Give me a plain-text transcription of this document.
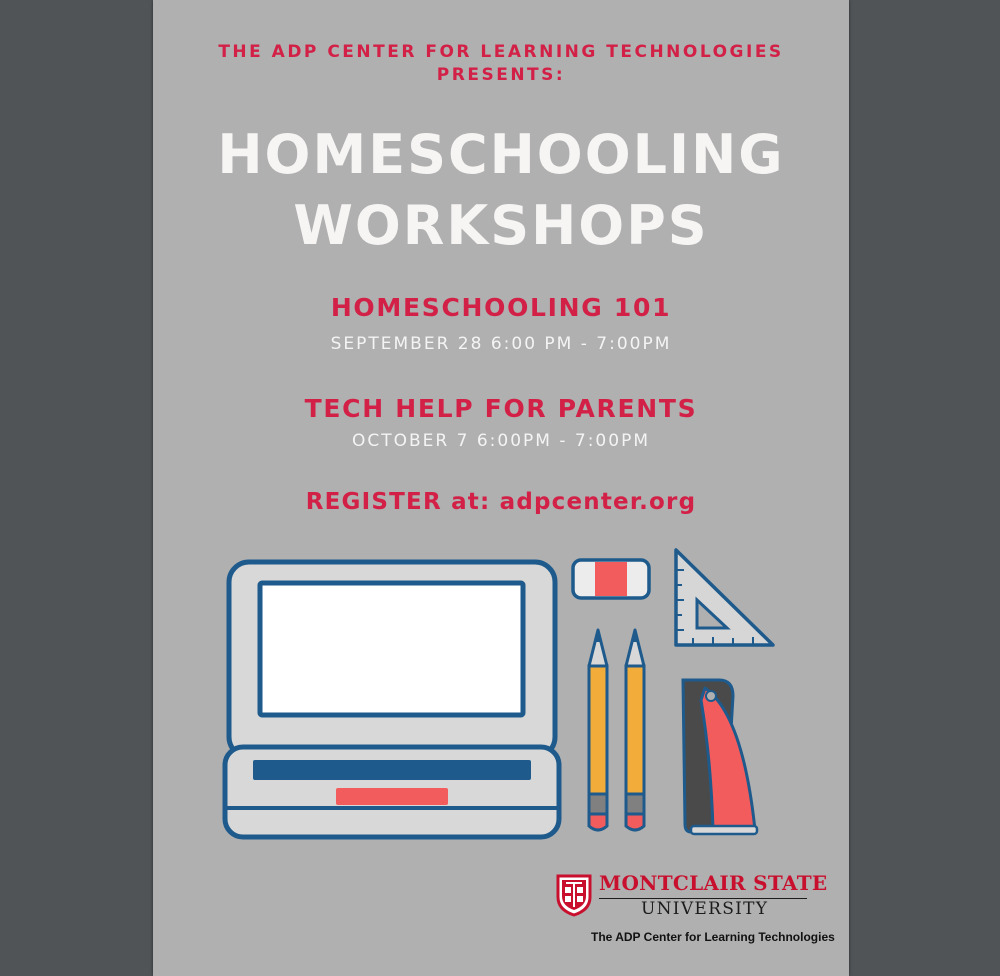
THE ADP CENTER FOR LEARNING TECHNOLOGIES
PRESENTS:
HOMESCHOOLING
WORKSHOPS
HOMESCHOOLING 101
SEPTEMBER 28 6:00 PM - 7:00PM
TECH HELP FOR PARENTS
OCTOBER 7 6:00PM - 7:00PM
REGISTER at: adpcenter.org
MONTCLAIR STATE
UNIVERSITY
The ADP Center for Learning Technologies
